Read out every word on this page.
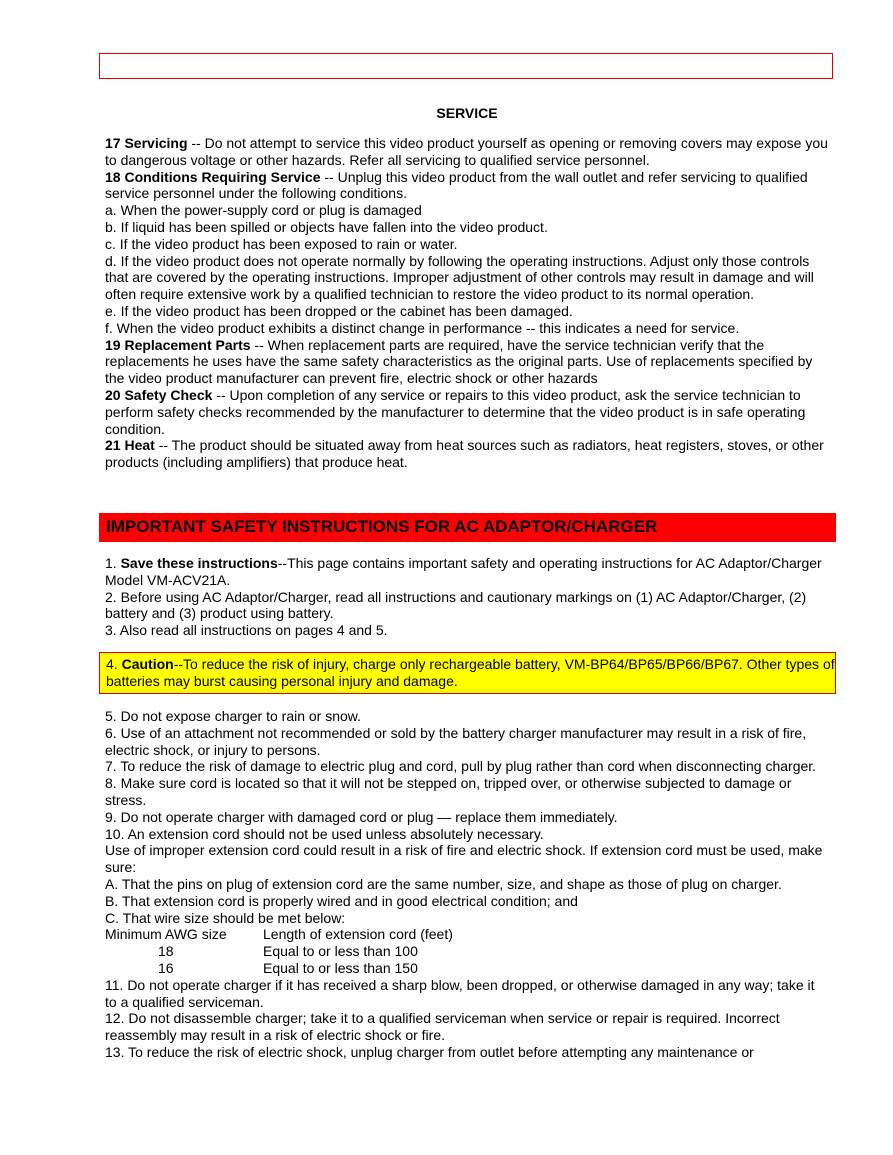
SERVICE

17 Servicing -- Do not attempt to service this video product yourself as opening or removing covers may expose you to dangerous voltage or other hazards. Refer all servicing to qualified service personnel.

18 Conditions Requiring Service -- Unplug this video product from the wall outlet and refer servicing to qualified service personnel under the following conditions.

a. When the power-supply cord or plug is damaged

b. If liquid has been spilled or objects have fallen into the video product.

c. If the video product has been exposed to rain or water.

d. If the video product does not operate normally by following the operating instructions. Adjust only those controls that are covered by the operating instructions. Improper adjustment of other controls may result in damage and will often require extensive work by a qualified technician to restore the video product to its normal operation.

e. If the video product has been dropped or the cabinet has been damaged.

f. When the video product exhibits a distinct change in performance -- this indicates a need for service.

19 Replacement Parts -- When replacement parts are required, have the service technician verify that the replacements he uses have the same safety characteristics as the original parts. Use of replacements specified by the video product manufacturer can prevent fire, electric shock or other hazards

20 Safety Check -- Upon completion of any service or repairs to this video product, ask the service technician to perform safety checks recommended by the manufacturer to determine that the video product is in safe operating condition.

21 Heat -- The product should be situated away from heat sources such as radiators, heat registers, stoves, or other products (including amplifiers) that produce heat.

IMPORTANT SAFETY INSTRUCTIONS FOR AC ADAPTOR/CHARGER

1. Save these instructions--This page contains important safety and operating instructions for AC Adaptor/Charger Model VM-ACV21A.

2. Before using AC Adaptor/Charger, read all instructions and cautionary markings on (1) AC Adaptor/Charger, (2) battery and (3) product using battery.

3. Also read all instructions on pages 4 and 5.

4. Caution--To reduce the risk of injury, charge only rechargeable battery, VM-BP64/BP65/BP66/BP67. Other types of batteries may burst causing personal injury and damage.

5. Do not expose charger to rain or snow.

6. Use of an attachment not recommended or sold by the battery charger manufacturer may result in a risk of fire, electric shock, or injury to persons.

7. To reduce the risk of damage to electric plug and cord, pull by plug rather than cord when disconnecting charger.

8. Make sure cord is located so that it will not be stepped on, tripped over, or otherwise subjected to damage or stress.

9. Do not operate charger with damaged cord or plug — replace them immediately.

10. An extension cord should not be used unless absolutely necessary.

Use of improper extension cord could result in a risk of fire and electric shock. If extension cord must be used, make sure:

A. That the pins on plug of extension cord are the same number, size, and shape as those of plug on charger.

B. That extension cord is properly wired and in good electrical condition; and

C. That wire size should be met below:

Minimum AWG size	Length of extension cord (feet)
18	Equal to or less than 100
16	Equal to or less than 150

11. Do not operate charger if it has received a sharp blow, been dropped, or otherwise damaged in any way; take it to a qualified serviceman.

12. Do not disassemble charger; take it to a qualified serviceman when service or repair is required. Incorrect reassembly may result in a risk of electric shock or fire.

13. To reduce the risk of electric shock, unplug charger from outlet before attempting any maintenance or
